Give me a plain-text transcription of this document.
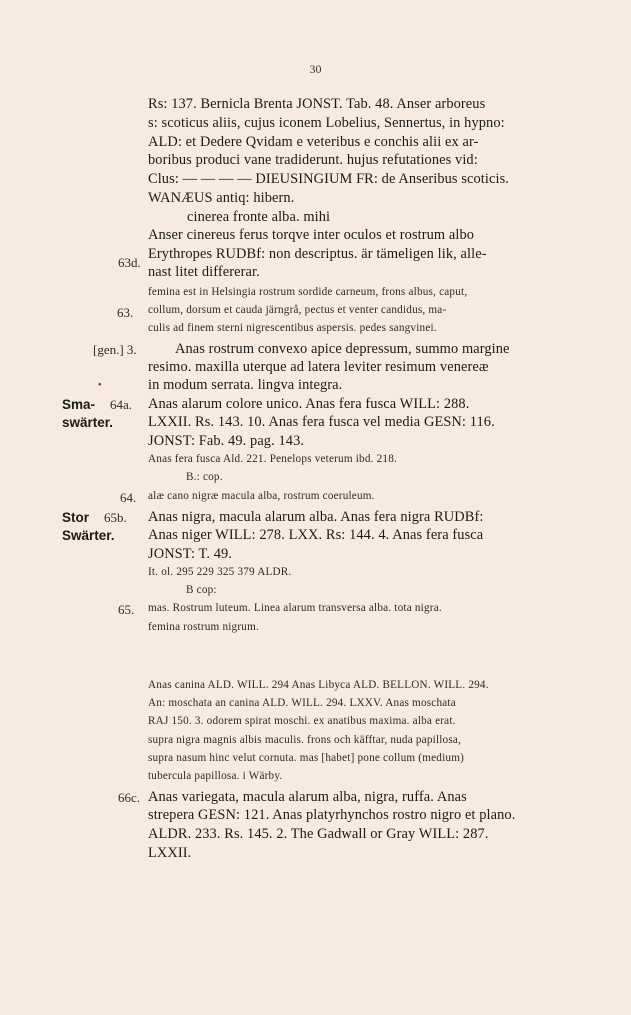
30
Sma-
swärter.
Stor
Swärter.
•
63d.
63.
[gen.] 3.
64a.
64.
65b.
65.
66c.
Rs: 137. Bernicla Brenta JONST. Tab. 48. Anser arboreus
s: scoticus aliis, cujus iconem Lobelius, Sennertus, in hypno:
ALD: et Dedere Qvidam e veteribus e conchis alii ex ar-
boribus produci vane tradiderunt. hujus refutationes vid:
Clus: — — — — DIEUSINGIUM FR: de Anseribus scoticis.
WANÆUS antiq: hibern.
cinerea fronte alba. mihi
Anser cinereus ferus torqve inter oculos et rostrum albo
Erythropes RUDBf: non descriptus. är tämeligen lik, alle-
nast litet differerar.
femina est in Helsingia rostrum sordide carneum, frons albus, caput,
collum, dorsum et cauda järngrå, pectus et venter candidus, ma-
culis ad finem sterni nigrescentibus aspersis. pedes sangvinei.
Anas rostrum convexo apice depressum, summo margine
resimo. maxilla uterque ad latera leviter resimum venereæ
in modum serrata. lingva integra.
Anas alarum colore unico. Anas fera fusca WILL: 288.
LXXII. Rs. 143. 10. Anas fera fusca vel media GESN: 116.
JONST: Fab. 49. pag. 143.
Anas fera fusca Ald. 221. Penelops veterum ibd. 218.
B.: cop.
alæ cano nigræ macula alba, rostrum coeruleum.
Anas nigra, macula alarum alba. Anas fera nigra RUDBf:
Anas niger WILL: 278. LXX. Rs: 144. 4. Anas fera fusca
JONST: T. 49.
It. ol. 295 229 325 379 ALDR.
B cop:
mas. Rostrum luteum. Linea alarum transversa alba. tota nigra.
femina rostrum nigrum.
Anas canina ALD. WILL. 294 Anas Libyca ALD. BELLON. WILL. 294.
An: moschata an canina ALD. WILL. 294. LXXV. Anas moschata
RAJ 150. 3. odorem spirat moschi. ex anatibus maxima. alba erat.
supra nigra magnis albis maculis. frons och käfftar, nuda papillosa,
supra nasum hinc velut cornuta. mas [habet] pone collum (medium)
tubercula papillosa. i Wärby.
Anas variegata, macula alarum alba, nigra, ruffa. Anas
strepera GESN: 121. Anas platyrhynchos rostro nigro et plano.
ALDR. 233. Rs. 145. 2. The Gadwall or Gray WILL: 287.
LXXII.
